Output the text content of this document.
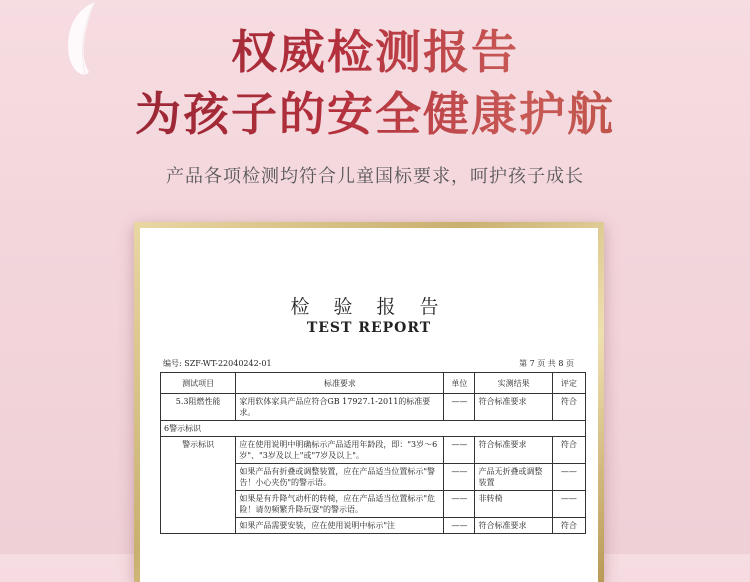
权威检测报告
为孩子的安全健康护航
产品各项检测均符合儿童国标要求，呵护孩子成长
检 验 报 告
TEST REPORT
编号: SZF-WT-22040242-01	第 7 页 共 8 页
测试项目	标准要求	单位	实测结果	评定
5.3阻燃性能	家用软体家具产品应符合GB 17927.1-2011的标准要求。	——	符合标准要求	符合
6警示标识				
警示标识	应在使用说明中明确标示产品适用年龄段，即："3岁～6岁"、"3岁及以上"或"7岁及以上"。	——	符合标准要求	符合
	如果产品有折叠或调整装置，应在产品适当位置标示"警告！小心夹伤"的警示语。	——	产品无折叠或调整装置	——
	如果是有升降气动杆的转椅，应在产品适当位置标示"危险！请勿频繁升降玩耍"的警示语。	——	非转椅	——
	如果产品需要安装，应在使用说明中标示"注	——	符合标准要求	符合
